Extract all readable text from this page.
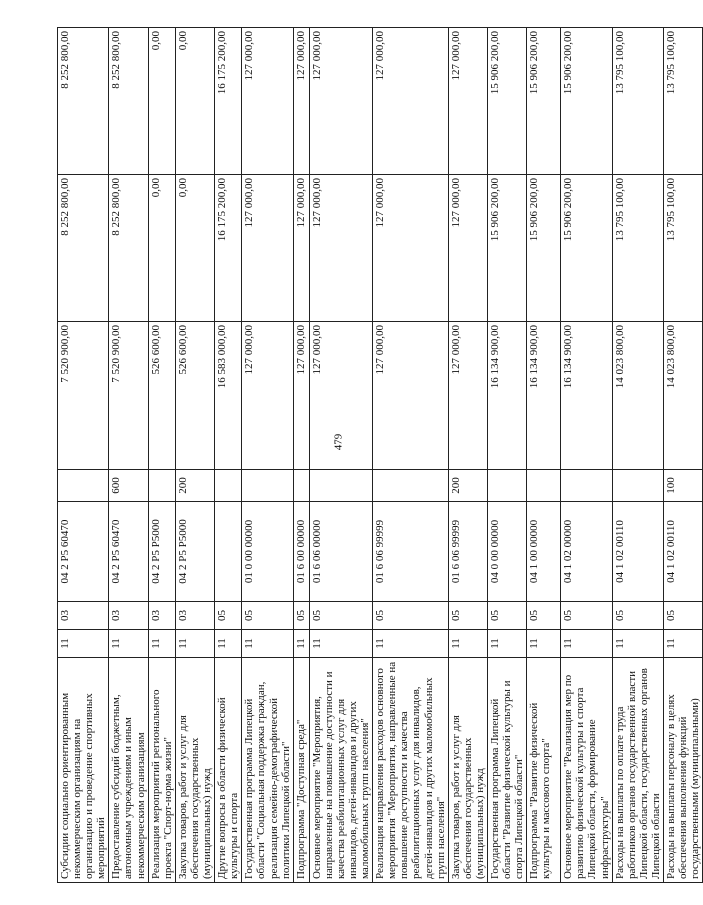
479
Субсидии социально ориентированным некоммерческим организациям на организацию и проведение спортивных мероприятий	11	03	04 2 P5 60470		7 520 900,00	8 252 800,00	8 252 800,00
Предоставление субсидий бюджетным, автономным учреждениям и иным некоммерческим организациям	11	03	04 2 P5 60470	600	7 520 900,00	8 252 800,00	8 252 800,00
Реализация мероприятий регионального проекта "Спорт-норма жизни"	11	03	04 2 P5 P5000		526 600,00	0,00	0,00
Закупка товаров, работ и услуг для обеспечения государственных (муниципальных) нужд	11	03	04 2 P5 P5000	200	526 600,00	0,00	0,00
Другие вопросы в области физической культуры и спорта	11	05			16 583 000,00	16 175 200,00	16 175 200,00
Государственная программа Липецкой области "Социальная поддержка граждан, реализация семейно-демографической политики Липецкой области"	11	05	01 0 00 00000		127 000,00	127 000,00	127 000,00
Подпрограмма "Доступная среда"	11	05	01 6 00 00000		127 000,00	127 000,00	127 000,00
Основное мероприятие "Мероприятия, направленные на повышение доступности и качества реабилитационных услуг для инвалидов, детей-инвалидов и других маломобильных групп населения"	11	05	01 6 06 00000		127 000,00	127 000,00	127 000,00
Реализация направления расходов основного мероприятия "Мероприятия, направленные на повышение доступности и качества реабилитационных услуг для инвалидов, детей-инвалидов и других маломобильных групп населения"	11	05	01 6 06 99999		127 000,00	127 000,00	127 000,00
Закупка товаров, работ и услуг для обеспечения государственных (муниципальных) нужд	11	05	01 6 06 99999	200	127 000,00	127 000,00	127 000,00
Государственная программа Липецкой области "Развитие физической культуры и спорта Липецкой области"	11	05	04 0 00 00000		16 134 900,00	15 906 200,00	15 906 200,00
Подпрограмма "Развитие физической культуры и массового спорта"	11	05	04 1 00 00000		16 134 900,00	15 906 200,00	15 906 200,00
Основное мероприятие "Реализация мер по развитию физической культуры и спорта Липецкой области, формирование инфраструктуры"	11	05	04 1 02 00000		16 134 900,00	15 906 200,00	15 906 200,00
Расходы на выплаты по оплате труда работников органов государственной власти Липецкой области, государственных органов Липецкой области	11	05	04 1 02 00110		14 023 800,00	13 795 100,00	13 795 100,00
Расходы на выплаты персоналу в целях обеспечения выполнения функций государственными (муниципальными)	11	05	04 1 02 00110	100	14 023 800,00	13 795 100,00	13 795 100,00
